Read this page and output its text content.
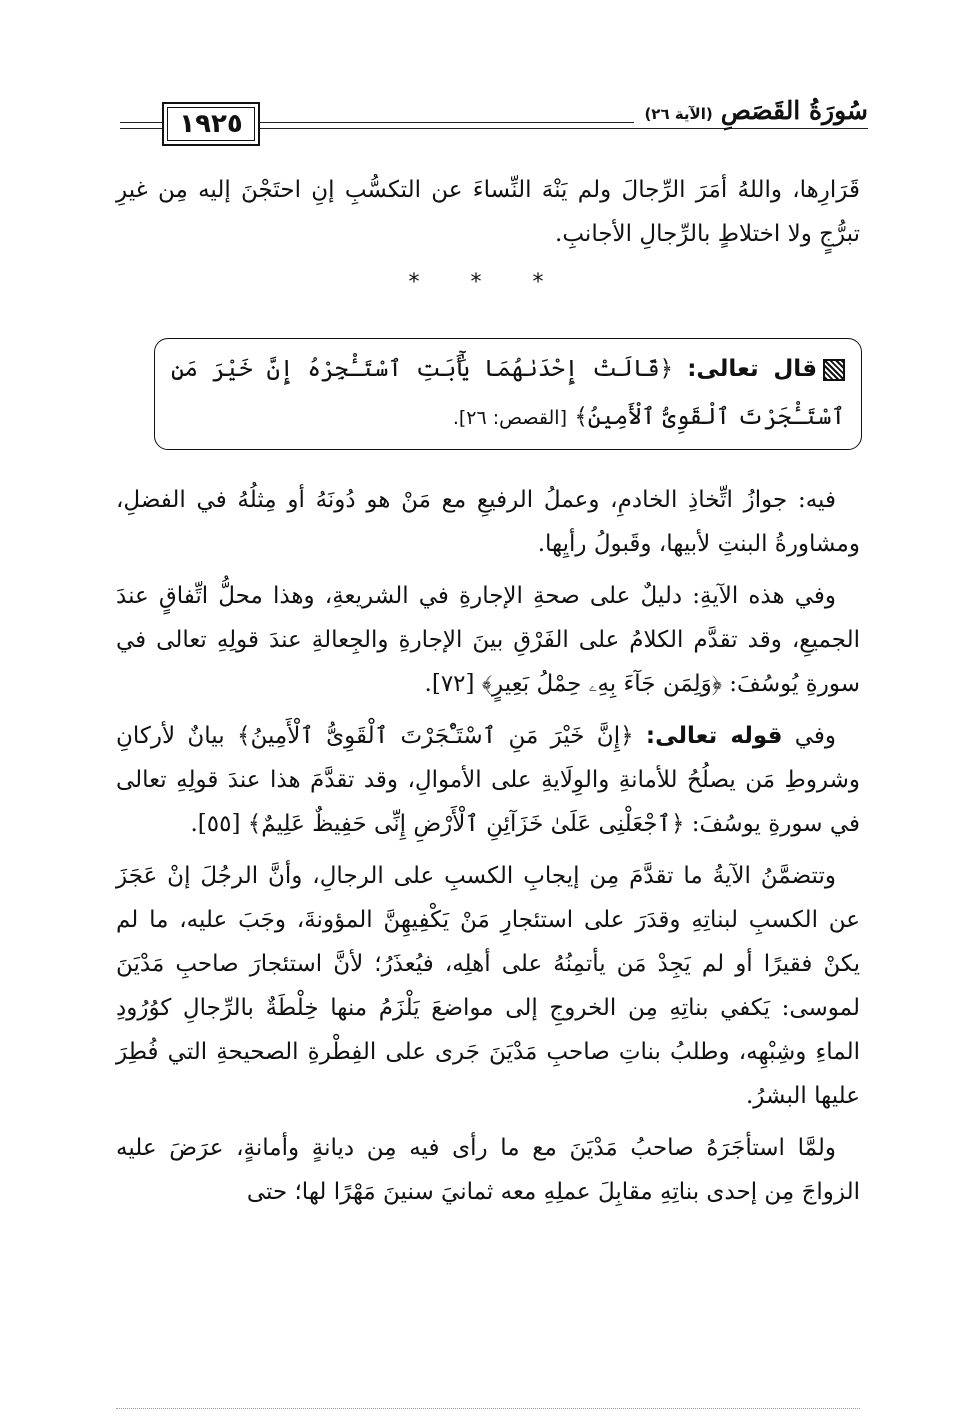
١٩٢٥	سُورَةُ القَصَصِ
(الآية ٢٦)

قَرَارِها، واللهُ أمَرَ الرِّجالَ ولم يَنْهَ النِّساءَ عن التكسُّبِ إنِ احتَجْنَ إليه مِن غيرِ تبرُّجٍ ولا اختلاطٍ بالرِّجالِ الأجانبِ.

* * *
قال تعالى: ﴿قَالَتْ إِحْدَىٰهُمَا يَٰٓأَبَتِ ٱسْتَـْٔجِرْهُ إِنَّ خَيْرَ مَنِ ٱسْتَـْٔجَرْتَ ٱلْقَوِىُّ ٱلْأَمِينُ﴾ [القصص: ٢٦].

فيه: جوازُ اتِّخاذِ الخادمِ، وعملُ الرفيعِ مع مَنْ هو دُونَهُ أو مِثلُهُ في الفضلِ، ومشاورةُ البنتِ لأبيها، وقَبولُ رأيِها.

وفي هذه الآيةِ: دليلٌ على صحةِ الإجارةِ في الشريعةِ، وهذا محلُّ اتِّفاقٍ عندَ الجميعِ، وقد تقدَّم الكلامُ على الفَرْقِ بينَ الإجارةِ والجِعالةِ عندَ قولِهِ تعالى في سورةِ يُوسُفَ: ﴿وَلِمَن جَآءَ بِهِۦ حِمْلُ بَعِيرٍ﴾ [٧٢].

وفي قوله تعالى: ﴿إِنَّ خَيْرَ مَنِ ٱسْتَـْٔجَرْتَ ٱلْقَوِىُّ ٱلْأَمِينُ﴾ بيانٌ لأركانِ وشروطِ مَن يصلُحُ للأمانةِ والوِلَايةِ على الأموالِ، وقد تقدَّمَ هذا عندَ قولِهِ تعالى في سورةِ يوسُفَ: ﴿ٱجْعَلْنِى عَلَىٰ خَزَآئِنِ ٱلْأَرْضِ إِنِّى حَفِيظٌ عَلِيمٌ﴾ [٥٥].

وتتضمَّنُ الآيةُ ما تقدَّمَ مِن إيجابِ الكسبِ على الرجالِ، وأنَّ الرجُلَ إنْ عَجَزَ عن الكسبِ لبناتِهِ وقدَرَ على استئجارِ مَنْ يَكْفِيهِنَّ المؤونةَ، وجَبَ عليه، ما لم يكنْ فقيرًا أو لم يَجِدْ مَن يأتمِنُهُ على أهلِه، فيُعذَرُ؛ لأنَّ استئجارَ صاحبِ مَدْيَنَ لموسى: يَكفي بناتِهِ مِن الخروجِ إلى مواضعَ يَلْزَمُ منها خِلْطَةٌ بالرِّجالِ كوُرُودِ الماءِ وشِبْهِه، وطلبُ بناتِ صاحبِ مَدْيَنَ جَرى على الفِطْرةِ الصحيحةِ التي فُطِرَ عليها البشرُ.

ولمَّا استأجَرَهُ صاحبُ مَدْيَنَ مع ما رأى فيه مِن ديانةٍ وأمانةٍ، عرَضَ عليه الزواجَ مِن إحدى بناتِهِ مقابِلَ عملِهِ معه ثمانيَ سنينَ مَهْرًا لها؛ حتى
